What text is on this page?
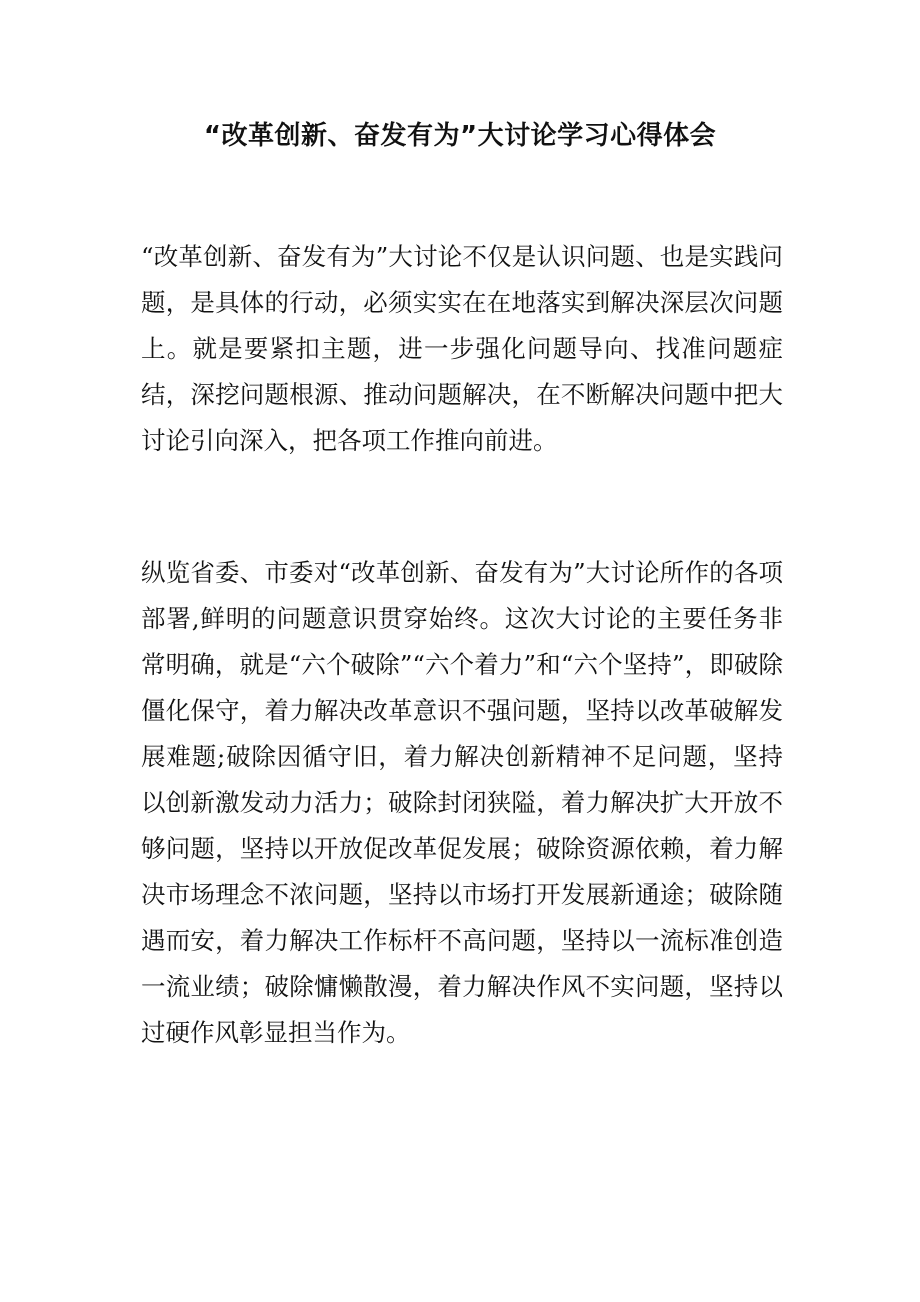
“改革创新、奋发有为”大讨论学习心得体会

“改革创新、奋发有为”大讨论不仅是认识问题、也是实践问题，是具体的行动，必须实实在在地落实到解决深层次问题上。就是要紧扣主题，进一步强化问题导向、找准问题症结，深挖问题根源、推动问题解决，在不断解决问题中把大讨论引向深入，把各项工作推向前进。

纵览省委、市委对“改革创新、奋发有为”大讨论所作的各项部署,鲜明的问题意识贯穿始终。这次大讨论的主要任务非常明确，就是“六个破除”“六个着力”和“六个坚持”，即破除僵化保守，着力解决改革意识不强问题，坚持以改革破解发展难题;破除因循守旧，着力解决创新精神不足问题，坚持以创新激发动力活力；破除封闭狭隘，着力解决扩大开放不够问题，坚持以开放促改革促发展；破除资源依赖，着力解决市场理念不浓问题，坚持以市场打开发展新通途；破除随遇而安，着力解决工作标杆不高问题，坚持以一流标准创造一流业绩；破除慵懒散漫，着力解决作风不实问题，坚持以过硬作风彰显担当作为。
